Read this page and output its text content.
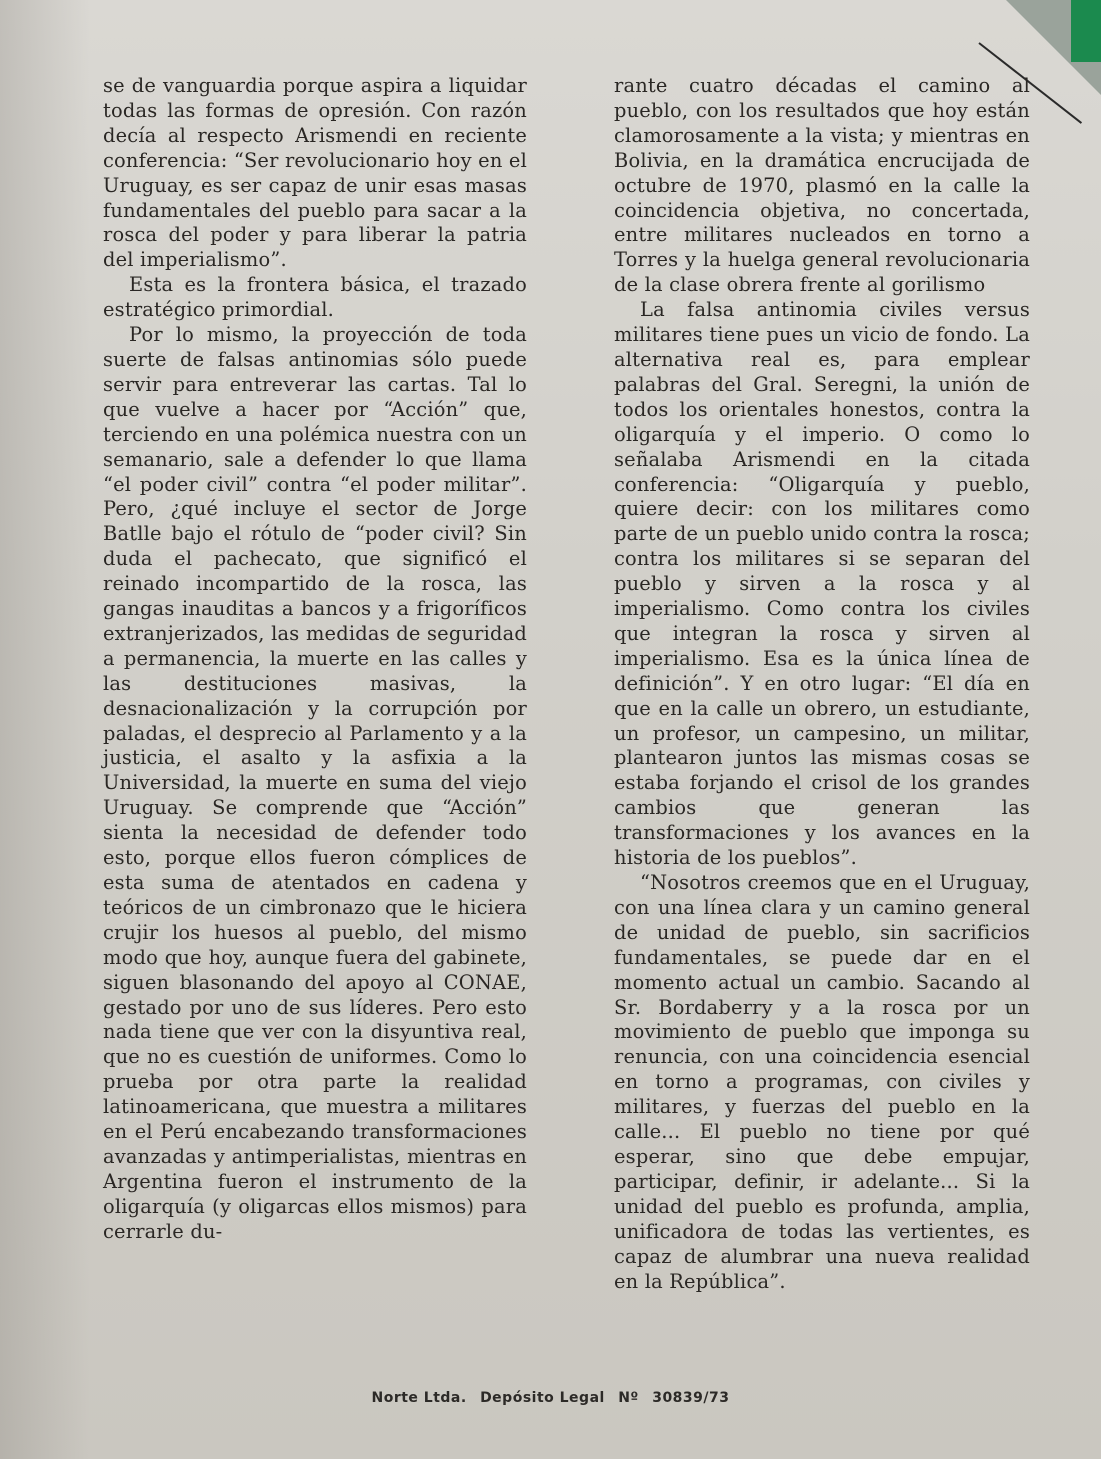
se de vanguardia porque aspira a liquidar todas las formas de opresión. Con razón decía al respecto Arismendi en reciente conferencia: “Ser revolucionario hoy en el Uruguay, es ser capaz de unir esas masas fundamentales del pueblo para sacar a la rosca del poder y para liberar la patria del imperialismo”.

Esta es la frontera básica, el trazado estratégico primordial.

Por lo mismo, la proyección de toda suerte de falsas antinomias sólo puede servir para entreverar las cartas. Tal lo que vuelve a hacer por “Acción” que, terciendo en una polémica nuestra con un semanario, sale a defender lo que llama “el poder civil” contra “el poder militar”. Pero, ¿qué incluye el sector de Jorge Batlle bajo el rótulo de “poder civil? Sin duda el pachecato, que significó el reinado incompartido de la rosca, las gangas inauditas a bancos y a frigoríficos extranjerizados, las medidas de seguridad a permanencia, la muerte en las calles y las destituciones masivas, la desnacionalización y la corrupción por paladas, el desprecio al Parlamento y a la justicia, el asalto y la asfixia a la Universidad, la muerte en suma del viejo Uruguay. Se comprende que “Acción” sienta la necesidad de defender todo esto, porque ellos fueron cómplices de esta suma de atentados en cadena y teóricos de un cimbronazo que le hiciera crujir los huesos al pueblo, del mismo modo que hoy, aunque fuera del gabinete, siguen blasonando del apoyo al CONAE, gestado por uno de sus líderes. Pero esto nada tiene que ver con la disyuntiva real, que no es cuestión de uniformes. Como lo prueba por otra parte la realidad latinoamericana, que muestra a militares en el Perú encabezando transformaciones avanzadas y antimperialistas, mientras en Argentina fueron el instrumento de la oligarquía (y oligarcas ellos mismos) para cerrarle du-

rante cuatro décadas el camino al pueblo, con los resultados que hoy están clamorosamente a la vista; y mientras en Bolivia, en la dramática encrucijada de octubre de 1970, plasmó en la calle la coincidencia objetiva, no concertada, entre militares nucleados en torno a Torres y la huelga general revolucionaria de la clase obrera frente al gorilismo

La falsa antinomia civiles versus militares tiene pues un vicio de fondo. La alternativa real es, para emplear palabras del Gral. Seregni, la unión de todos los orientales honestos, contra la oligarquía y el imperio. O como lo señalaba Arismendi en la citada conferencia: “Oligarquía y pueblo, quiere decir: con los militares como parte de un pueblo unido contra la rosca; contra los militares si se separan del pueblo y sirven a la rosca y al imperialismo. Como contra los civiles que integran la rosca y sirven al imperialismo. Esa es la única línea de definición”. Y en otro lugar: “El día en que en la calle un obrero, un estudiante, un profesor, un campesino, un militar, plantearon juntos las mismas cosas se estaba forjando el crisol de los grandes cambios que generan las transformaciones y los avances en la historia de los pueblos”.

“Nosotros creemos que en el Uruguay, con una línea clara y un camino general de unidad de pueblo, sin sacrificios fundamentales, se puede dar en el momento actual un cambio. Sacando al Sr. Bordaberry y a la rosca por un movimiento de pueblo que imponga su renuncia, con una coincidencia esencial en torno a programas, con civiles y militares, y fuerzas del pueblo en la calle... El pueblo no tiene por qué esperar, sino que debe empujar, participar, definir, ir adelante... Si la unidad del pueblo es profunda, amplia, unificadora de todas las vertientes, es capaz de alumbrar una nueva realidad en la República”.

Norte Ltda. Depósito Legal Nº 30839/73
